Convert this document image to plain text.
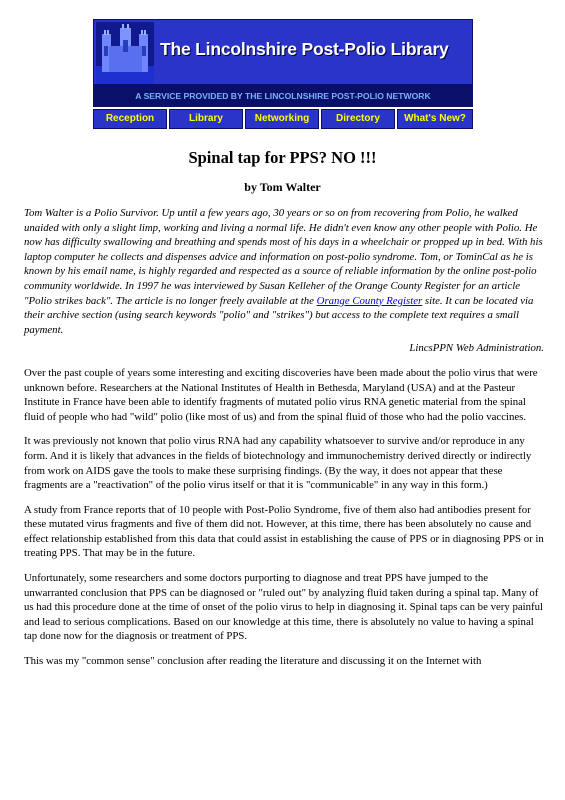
The Lincolnshire Post-Polio Library
A SERVICE PROVIDED BY THE LINCOLNSHIRE POST-POLIO NETWORK
Reception	Library	Networking	Directory	What's New?
Spinal tap for PPS? NO !!!
by Tom Walter

Tom Walter is a Polio Survivor. Up until a few years ago, 30 years or so on from recovering from Polio, he walked unaided with only a slight limp, working and living a normal life. He didn't even know any other people with Polio. He now has difficulty swallowing and breathing and spends most of his days in a wheelchair or propped up in bed. With his laptop computer he collects and dispenses advice and information on post-polio syndrome. Tom, or TominCal as he is known by his email name, is highly regarded and respected as a source of reliable information by the online post-polio community worldwide. In 1997 he was interviewed by Susan Kelleher of the Orange County Register for an article "Polio strikes back". The article is no longer freely available at the Orange County Register site. It can be located via their archive section (using search keywords "polio" and "strikes") but access to the complete text requires a small payment.

LincsPPN Web Administration.

Over the past couple of years some interesting and exciting discoveries have been made about the polio virus that were unknown before. Researchers at the National Institutes of Health in Bethesda, Maryland (USA) and at the Pasteur Institute in France have been able to identify fragments of mutated polio virus RNA genetic material from the spinal fluid of people who had "wild" polio (like most of us) and from the spinal fluid of those who had the polio vaccines.

It was previously not known that polio virus RNA had any capability whatsoever to survive and/or reproduce in any form. And it is likely that advances in the fields of biotechnology and immunochemistry derived directly or indirectly from work on AIDS gave the tools to make these surprising findings. (By the way, it does not appear that these fragments are a "reactivation" of the polio virus itself or that it is "communicable" in any way in this form.)

A study from France reports that of 10 people with Post-Polio Syndrome, five of them also had antibodies present for these mutated virus fragments and five of them did not. However, at this time, there has been absolutely no cause and effect relationship established from this data that could assist in establishing the cause of PPS or in diagnosing PPS or in treating PPS. That may be in the future.

Unfortunately, some researchers and some doctors purporting to diagnose and treat PPS have jumped to the unwarranted conclusion that PPS can be diagnosed or "ruled out" by analyzing fluid taken during a spinal tap. Many of us had this procedure done at the time of onset of the polio virus to help in diagnosing it. Spinal taps can be very painful and lead to serious complications. Based on our knowledge at this time, there is absolutely no value to having a spinal tap done now for the diagnosis or treatment of PPS.

This was my "common sense" conclusion after reading the literature and discussing it on the Internet with
